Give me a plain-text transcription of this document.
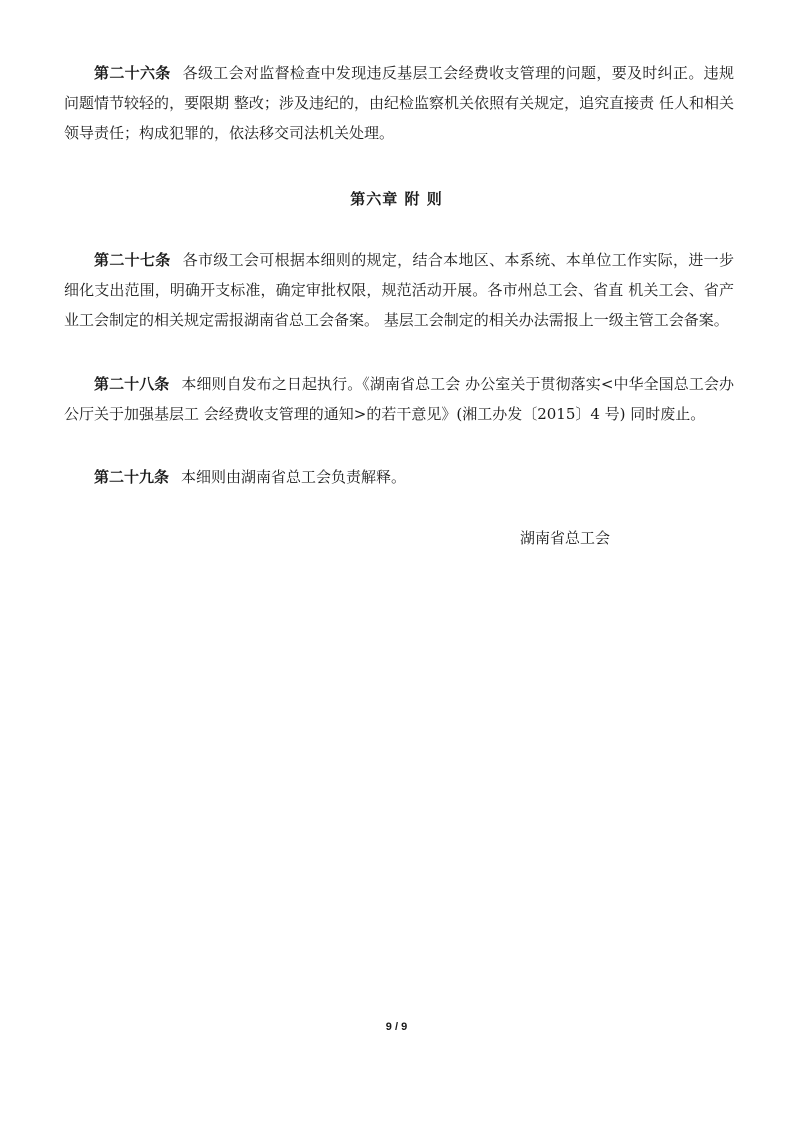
第二十六条 各级工会对监督检查中发现违反基层工会经费收支管理的问题，要及时纠正。违规问题情节较轻的，要限期 整改；涉及违纪的，由纪检监察机关依照有关规定，追究直接责 任人和相关领导责任；构成犯罪的，依法移交司法机关处理。

第六章 附 则

第二十七条 各市级工会可根据本细则的规定，结合本地区、本系统、本单位工作实际，进一步细化支出范围，明确开支标准，确定审批权限，规范活动开展。各市州总工会、省直 机关工会、省产业工会制定的相关规定需报湖南省总工会备案。 基层工会制定的相关办法需报上一级主管工会备案。

第二十八条 本细则自发布之日起执行。《湖南省总工会 办公室关于贯彻落实<中华全国总工会办公厅关于加强基层工 会经费收支管理的通知>的若干意见》(湘工办发〔2015〕4 号) 同时废止。

第二十九条 本细则由湖南省总工会负责解释。

湖南省总工会

9 / 9
